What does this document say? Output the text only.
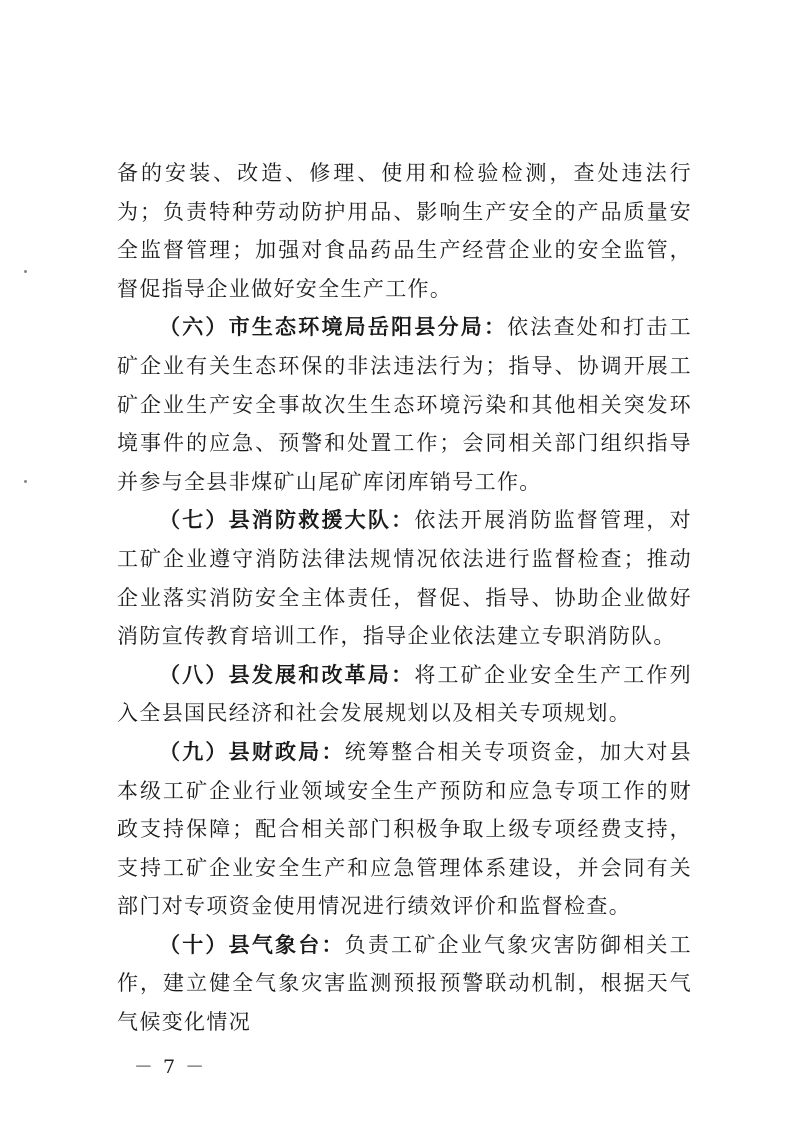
备的安装、改造、修理、使用和检验检测，查处违法行为；负责特种劳动防护用品、影响生产安全的产品质量安全监督管理；加强对食品药品生产经营企业的安全监管，督促指导企业做好安全生产工作。

（六）市生态环境局岳阳县分局：依法查处和打击工矿企业有关生态环保的非法违法行为；指导、协调开展工矿企业生产安全事故次生生态环境污染和其他相关突发环境事件的应急、预警和处置工作；会同相关部门组织指导并参与全县非煤矿山尾矿库闭库销号工作。

（七）县消防救援大队：依法开展消防监督管理，对工矿企业遵守消防法律法规情况依法进行监督检查；推动企业落实消防安全主体责任，督促、指导、协助企业做好消防宣传教育培训工作，指导企业依法建立专职消防队。

（八）县发展和改革局：将工矿企业安全生产工作列入全县国民经济和社会发展规划以及相关专项规划。

（九）县财政局：统筹整合相关专项资金，加大对县本级工矿企业行业领域安全生产预防和应急专项工作的财政支持保障；配合相关部门积极争取上级专项经费支持，支持工矿企业安全生产和应急管理体系建设，并会同有关部门对专项资金使用情况进行绩效评价和监督检查。

（十）县气象台：负责工矿企业气象灾害防御相关工作，建立健全气象灾害监测预报预警联动机制，根据天气气候变化情况

－ 7 －
